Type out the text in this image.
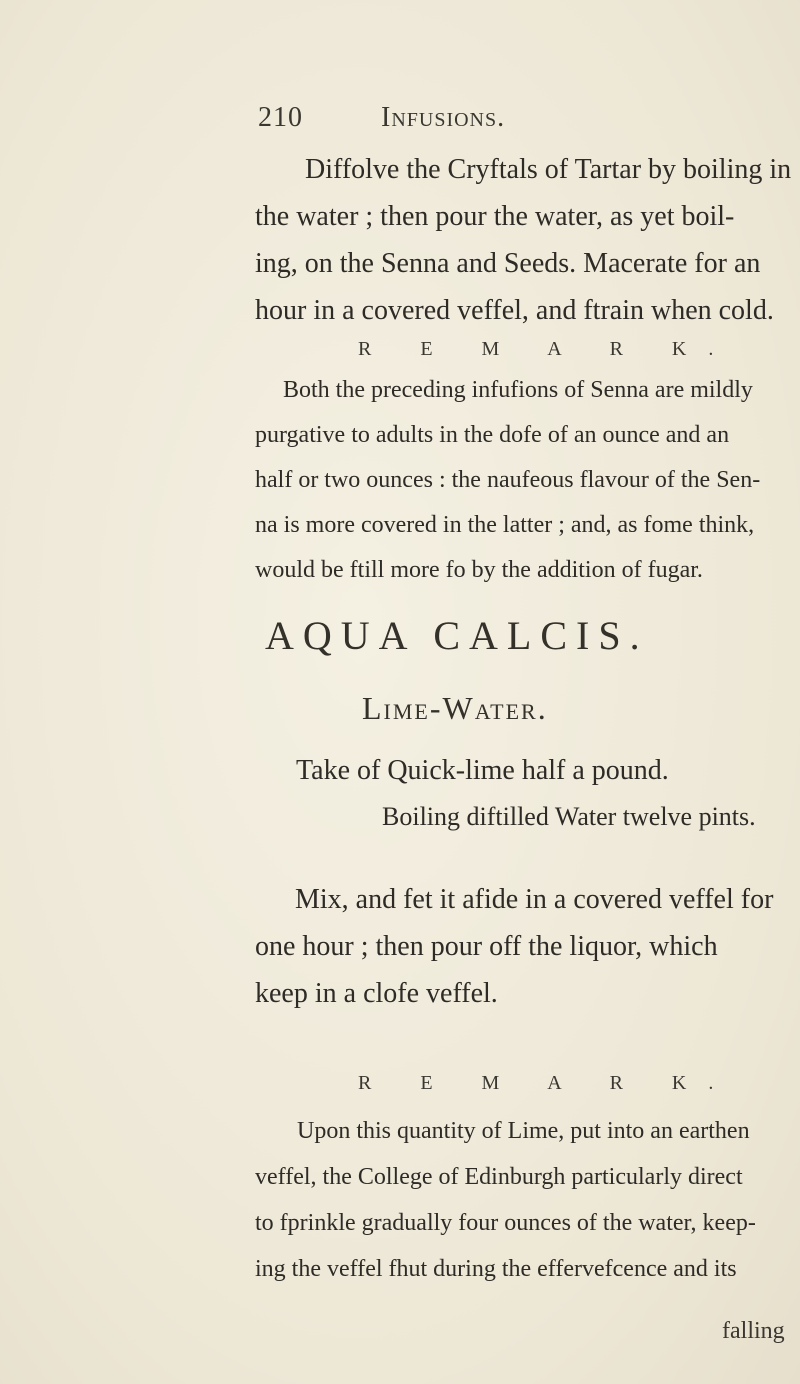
210	Infusions.
Diffolve the Cryftals of Tartar by boiling in
the water ; then pour the water, as yet boil-
ing, on the Senna and Seeds. Macerate for an
hour in a covered veffel, and ftrain when cold.
R E M A R K.
Both the preceding infufions of Senna are mildly
purgative to adults in the dofe of an ounce and an
half or two ounces : the naufeous flavour of the Sen-
na is more covered in the latter ; and, as fome think,
would be ftill more fo by the addition of fugar.
AQUA CALCIS.
Lime-Water.
Take of Quick-lime half a pound.
Boiling diftilled Water twelve pints.
Mix, and fet it afide in a covered veffel for
one hour ; then pour off the liquor, which
keep in a clofe veffel.
R E M A R K.
Upon this quantity of Lime, put into an earthen
veffel, the College of Edinburgh particularly direct
to fprinkle gradually four ounces of the water, keep-
ing the veffel fhut during the effervefcence and its
falling
